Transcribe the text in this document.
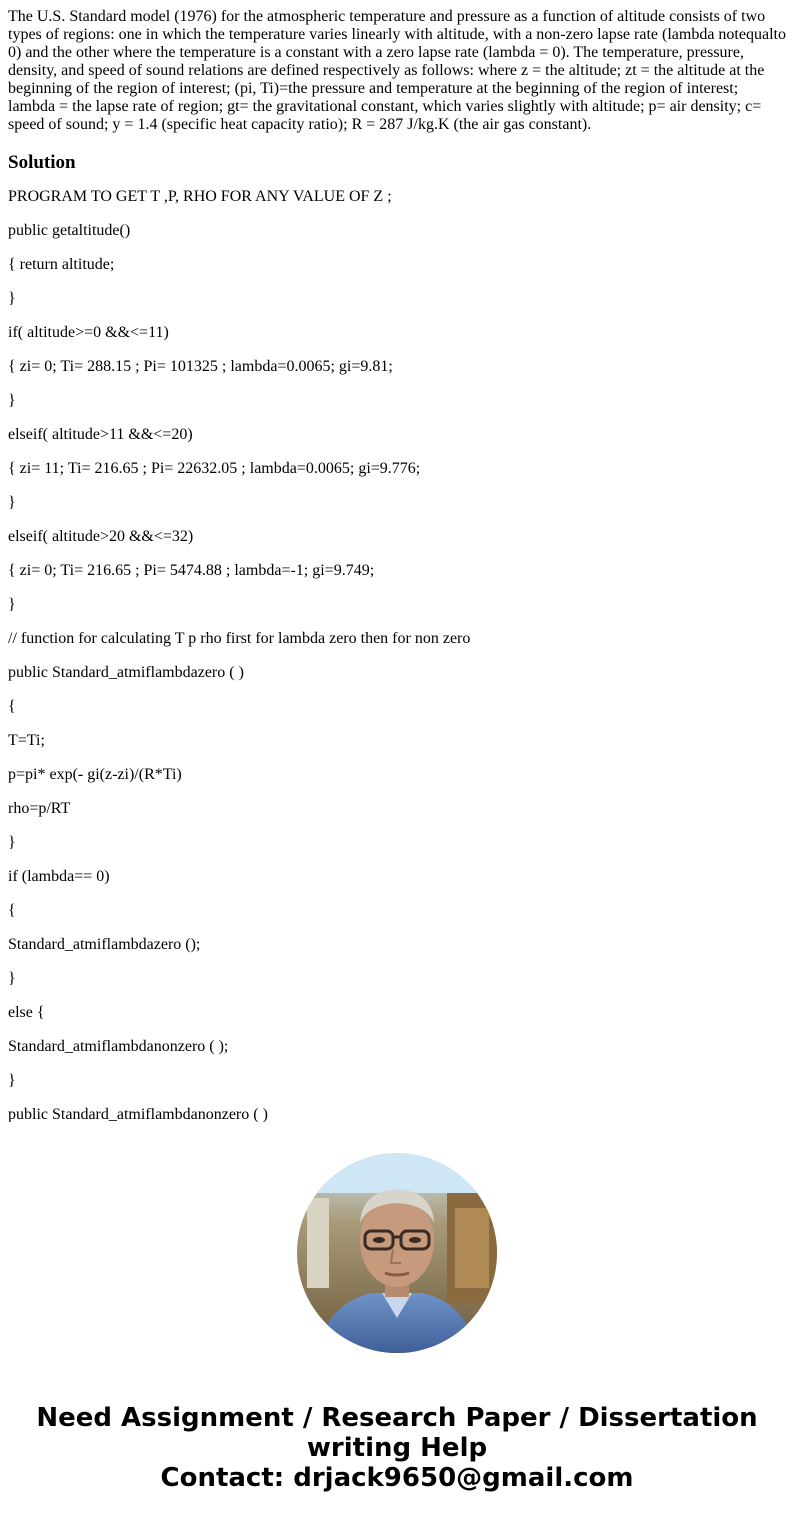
The U.S. Standard model (1976) for the atmospheric temperature and pressure as a function of altitude consists of two types of regions: one in which the temperature varies linearly with altitude, with a non-zero lapse rate (lambda notequalto 0) and the other where the temperature is a constant with a zero lapse rate (lambda = 0). The temperature, pressure, density, and speed of sound relations are defined respectively as follows: where z = the altitude; zt = the altitude at the beginning of the region of interest; (pi, Ti)=the pressure and temperature at the beginning of the region of interest; lambda = the lapse rate of region; gt= the gravitational constant, which varies slightly with altitude; p= air density; c= speed of sound; y = 1.4 (specific heat capacity ratio); R = 287 J/kg.K (the air gas constant).

Solution

PROGRAM TO GET T ,P, RHO FOR ANY VALUE OF Z ;

public getaltitude()

{ return altitude;

}

if( altitude>=0 &&<=11)

{ zi= 0; Ti= 288.15 ; Pi= 101325 ; lambda=0.0065; gi=9.81;

}

elseif( altitude>11 &&<=20)

{ zi= 11; Ti= 216.65 ; Pi= 22632.05 ; lambda=0.0065; gi=9.776;

}

elseif( altitude>20 &&<=32)

{ zi= 0; Ti= 216.65 ; Pi= 5474.88 ; lambda=-1; gi=9.749;

}

// function for calculating T p rho first for lambda zero then for non zero

public Standard_atmiflambdazero ( )

{

T=Ti;

p=pi* exp(- gi(z-zi)/(R*Ti)

rho=p/RT

}

if (lambda== 0)

{

Standard_atmiflambdazero ();

}

else {

Standard_atmiflambdanonzero ( );

}

public Standard_atmiflambdanonzero ( )

Need Assignment / Research Paper / Dissertation
writing Help
Contact: drjack9650@gmail.com
